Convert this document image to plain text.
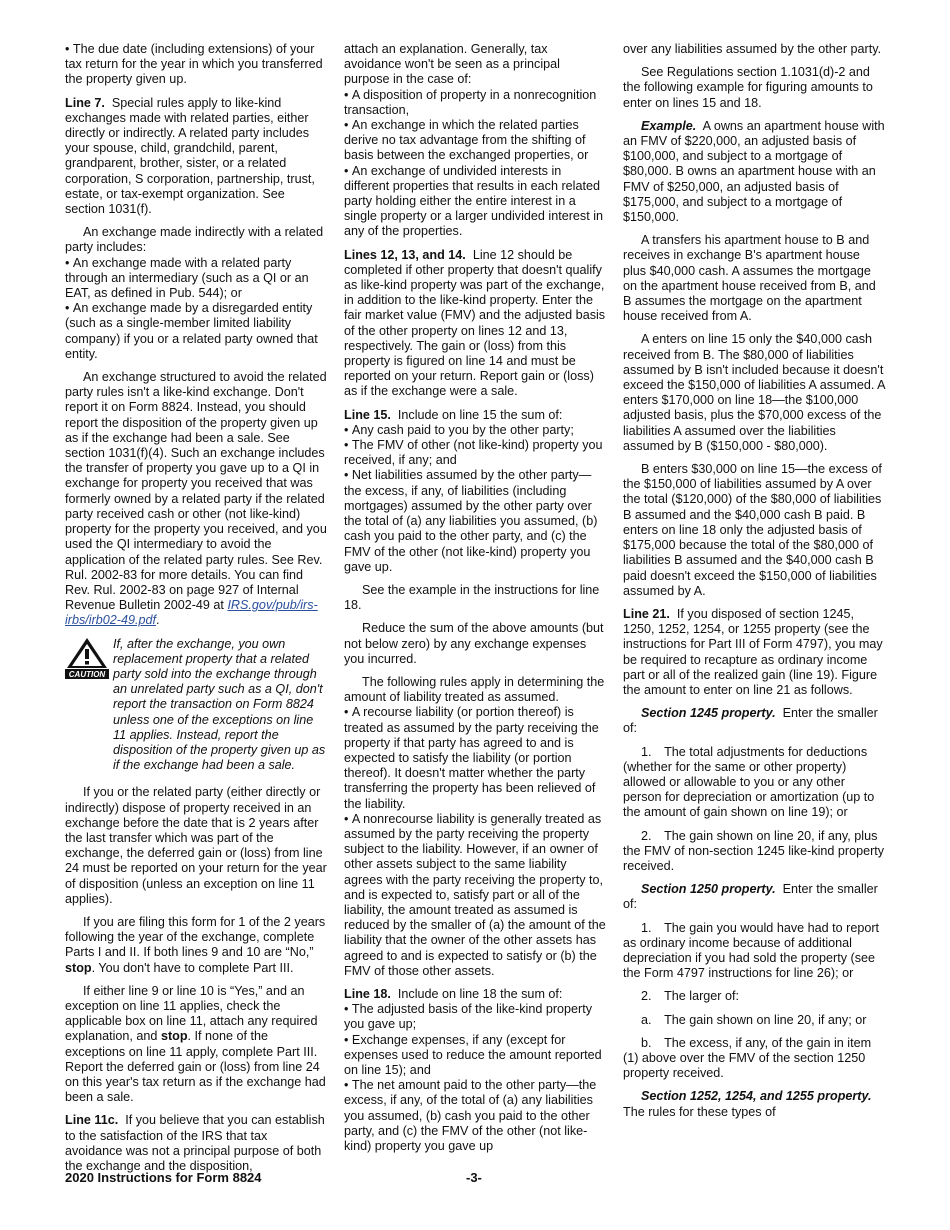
• The due date (including extensions) of your tax return for the year in which you transferred the property given up.

Line 7. Special rules apply to like-kind exchanges made with related parties, either directly or indirectly. A related party includes your spouse, child, grandchild, parent, grandparent, brother, sister, or a related corporation, S corporation, partnership, trust, estate, or tax-exempt organization. See section 1031(f).

An exchange made indirectly with a related party includes:

• An exchange made with a related party through an intermediary (such as a QI or an EAT, as defined in Pub. 544); or

• An exchange made by a disregarded entity (such as a single-member limited liability company) if you or a related party owned that entity.

An exchange structured to avoid the related party rules isn't a like-kind exchange. Don't report it on Form 8824. Instead, you should report the disposition of the property given up as if the exchange had been a sale. See section 1031(f)(4). Such an exchange includes the transfer of property you gave up to a QI in exchange for property you received that was formerly owned by a related party if the related party received cash or other (not like-kind) property for the property you received, and you used the QI intermediary to avoid the application of the related party rules. See Rev. Rul. 2002-83 for more details. You can find Rev. Rul. 2002-83 on page 927 of Internal Revenue Bulletin 2002-49 at IRS.gov/pub/irs-irbs/irb02-49.pdf.

CAUTION
If, after the exchange, you own replacement property that a related party sold into the exchange through an unrelated party such as a QI, don't report the transaction on Form 8824 unless one of the exceptions on line 11 applies. Instead, report the disposition of the property given up as if the exchange had been a sale.

If you or the related party (either directly or indirectly) dispose of property received in an exchange before the date that is 2 years after the last transfer which was part of the exchange, the deferred gain or (loss) from line 24 must be reported on your return for the year of disposition (unless an exception on line 11 applies).

If you are filing this form for 1 of the 2 years following the year of the exchange, complete Parts I and II. If both lines 9 and 10 are “No,” stop. You don't have to complete Part III.

If either line 9 or line 10 is “Yes,” and an exception on line 11 applies, check the applicable box on line 11, attach any required explanation, and stop. If none of the exceptions on line 11 apply, complete Part III. Report the deferred gain or (loss) from line 24 on this year's tax return as if the exchange had been a sale.

Line 11c. If you believe that you can establish to the satisfaction of the IRS that tax avoidance was not a principal purpose of both the exchange and the disposition,

attach an explanation. Generally, tax avoidance won't be seen as a principal purpose in the case of:

• A disposition of property in a nonrecognition transaction,

• An exchange in which the related parties derive no tax advantage from the shifting of basis between the exchanged properties, or

• An exchange of undivided interests in different properties that results in each related party holding either the entire interest in a single property or a larger undivided interest in any of the properties.

Lines 12, 13, and 14. Line 12 should be completed if other property that doesn't qualify as like-kind property was part of the exchange, in addition to the like-kind property. Enter the fair market value (FMV) and the adjusted basis of the other property on lines 12 and 13, respectively. The gain or (loss) from this property is figured on line 14 and must be reported on your return. Report gain or (loss) as if the exchange were a sale.

Line 15. Include on line 15 the sum of:

• Any cash paid to you by the other party;

• The FMV of other (not like-kind) property you received, if any; and

• Net liabilities assumed by the other party—the excess, if any, of liabilities (including mortgages) assumed by the other party over the total of (a) any liabilities you assumed, (b) cash you paid to the other party, and (c) the FMV of the other (not like-kind) property you gave up.

See the example in the instructions for line 18.

Reduce the sum of the above amounts (but not below zero) by any exchange expenses you incurred.

The following rules apply in determining the amount of liability treated as assumed.

• A recourse liability (or portion thereof) is treated as assumed by the party receiving the property if that party has agreed to and is expected to satisfy the liability (or portion thereof). It doesn't matter whether the party transferring the property has been relieved of the liability.

• A nonrecourse liability is generally treated as assumed by the party receiving the property subject to the liability. However, if an owner of other assets subject to the same liability agrees with the party receiving the property to, and is expected to, satisfy part or all of the liability, the amount treated as assumed is reduced by the smaller of (a) the amount of the liability that the owner of the other assets has agreed to and is expected to satisfy or (b) the FMV of those other assets.

Line 18. Include on line 18 the sum of:

• The adjusted basis of the like-kind property you gave up;

• Exchange expenses, if any (except for expenses used to reduce the amount reported on line 15); and

• The net amount paid to the other party—the excess, if any, of the total of (a) any liabilities you assumed, (b) cash you paid to the other party, and (c) the FMV of the other (not like-kind) property you gave up

over any liabilities assumed by the other party.

See Regulations section 1.1031(d)-2 and the following example for figuring amounts to enter on lines 15 and 18.

Example. A owns an apartment house with an FMV of $220,000, an adjusted basis of $100,000, and subject to a mortgage of $80,000. B owns an apartment house with an FMV of $250,000, an adjusted basis of $175,000, and subject to a mortgage of $150,000.

A transfers his apartment house to B and receives in exchange B's apartment house plus $40,000 cash. A assumes the mortgage on the apartment house received from B, and B assumes the mortgage on the apartment house received from A.

A enters on line 15 only the $40,000 cash received from B. The $80,000 of liabilities assumed by B isn't included because it doesn't exceed the $150,000 of liabilities A assumed. A enters $170,000 on line 18—the $100,000 adjusted basis, plus the $70,000 excess of the liabilities A assumed over the liabilities assumed by B ($150,000 - $80,000).

B enters $30,000 on line 15—the excess of the $150,000 of liabilities assumed by A over the total ($120,000) of the $80,000 of liabilities B assumed and the $40,000 cash B paid. B enters on line 18 only the adjusted basis of $175,000 because the total of the $80,000 of liabilities B assumed and the $40,000 cash B paid doesn't exceed the $150,000 of liabilities assumed by A.

Line 21. If you disposed of section 1245, 1250, 1252, 1254, or 1255 property (see the instructions for Part III of Form 4797), you may be required to recapture as ordinary income part or all of the realized gain (line 19). Figure the amount to enter on line 21 as follows.

Section 1245 property. Enter the smaller of:

1. The total adjustments for deductions (whether for the same or other property) allowed or allowable to you or any other person for depreciation or amortization (up to the amount of gain shown on line 19); or

2. The gain shown on line 20, if any, plus the FMV of non-section 1245 like-kind property received.

Section 1250 property. Enter the smaller of:

1. The gain you would have had to report as ordinary income because of additional depreciation if you had sold the property (see the Form 4797 instructions for line 26); or

2. The larger of:

a. The gain shown on line 20, if any; or

b. The excess, if any, of the gain in item (1) above over the FMV of the section 1250 property received.

Section 1252, 1254, and 1255 property.  The rules for these types of

2020 Instructions for Form 8824	-3-
